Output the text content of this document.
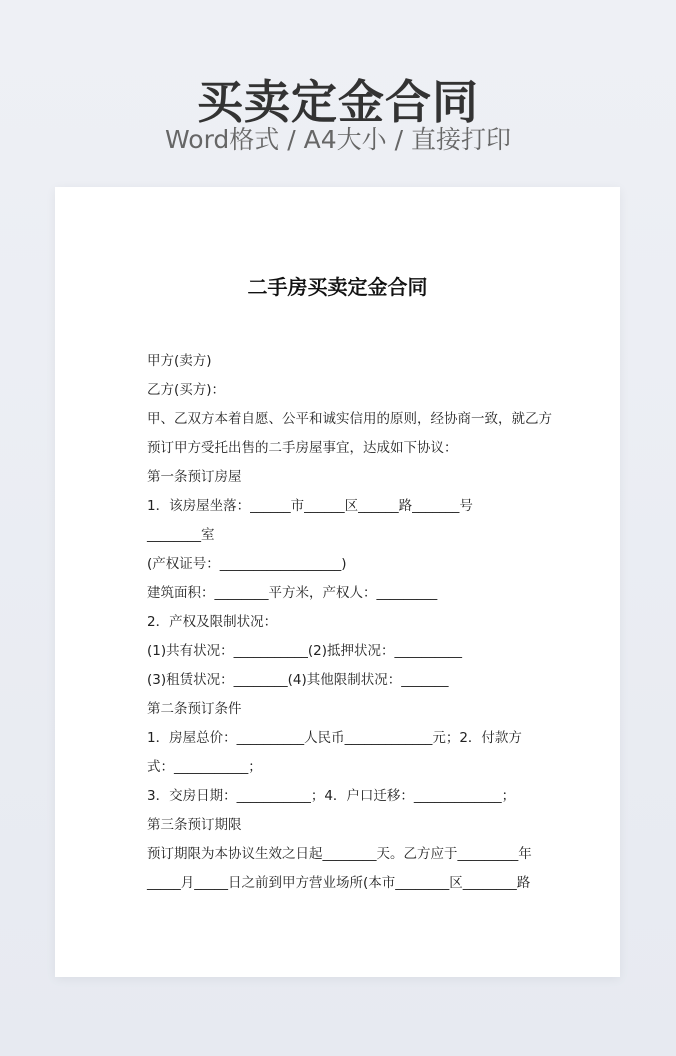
买卖定金合同
Word格式 / A4大小 / 直接打印
二手房买卖定金合同
甲方(卖方)
乙方(买方)：
甲、乙双方本着自愿、公平和诚实信用的原则，经协商一致，就乙方
预订甲方受托出售的二手房屋事宜，达成如下协议：
第一条预订房屋
1．该房屋坐落：______市______区______路_______号
________室
(产权证号：__________________)
建筑面积：________平方米，产权人：_________
2．产权及限制状况：
(1)共有状况：___________(2)抵押状况：__________
(3)租赁状况：________(4)其他限制状况：_______
第二条预订条件
1．房屋总价：__________人民币_____________元；2．付款方
式：___________；
3．交房日期：___________；4．户口迁移：_____________；
第三条预订期限
预订期限为本协议生效之日起________天。乙方应于_________年
_____月_____日之前到甲方营业场所(本市________区________路
